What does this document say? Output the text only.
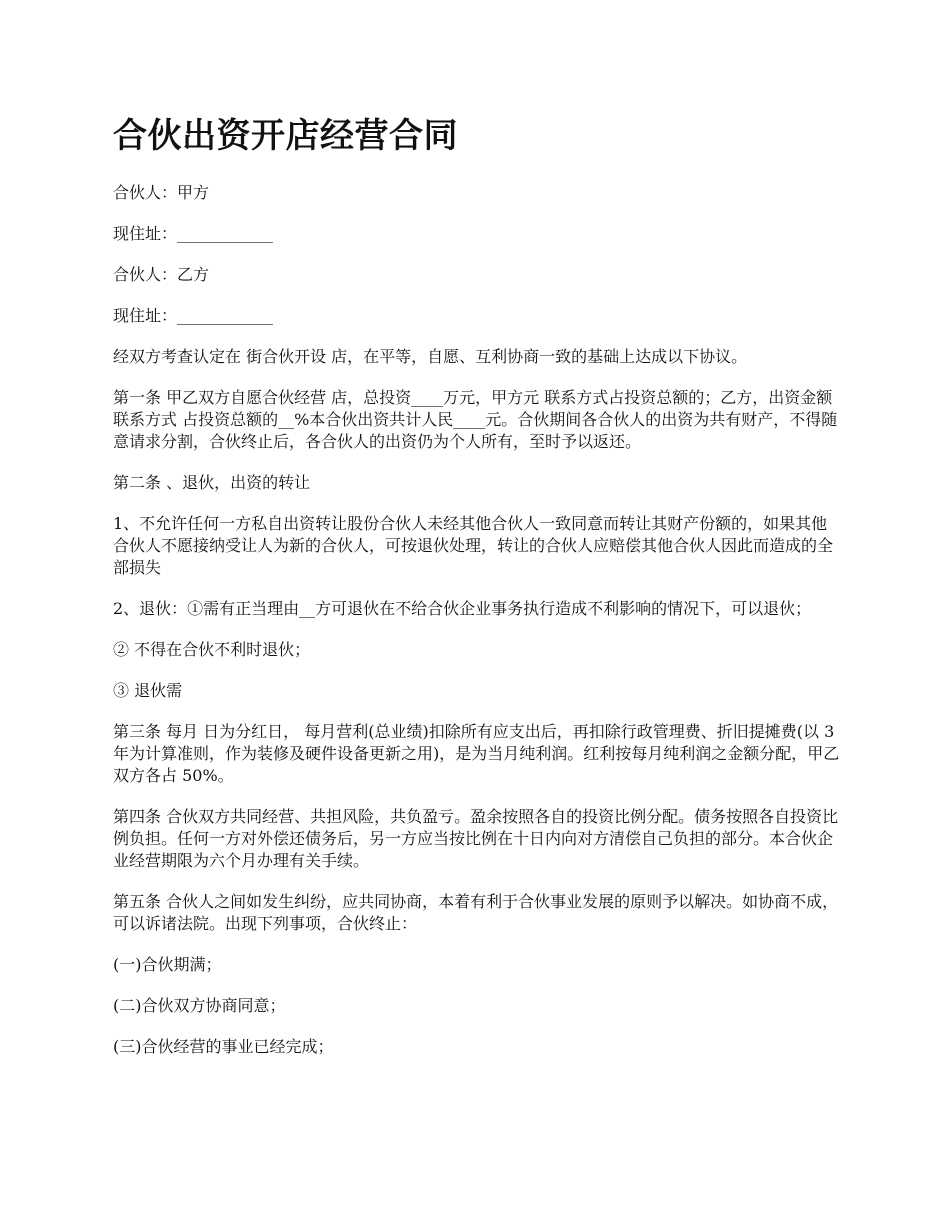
合伙出资开店经营合同

合伙人：甲方

现住址：____________

合伙人：乙方

现住址：____________

经双方考查认定在 街合伙开设 店，在平等，自愿、互利协商一致的基础上达成以下协议。

第一条 甲乙双方自愿合伙经营 店，总投资____万元，甲方元 联系方式占投资总额的；乙方，出资金额 联系方式 占投资总额的__%本合伙出资共计人民____元。合伙期间各合伙人的出资为共有财产，不得随意请求分割，合伙终止后，各合伙人的出资仍为个人所有，至时予以返还。

第二条 、退伙，出资的转让

1、不允许任何一方私自出资转让股份合伙人未经其他合伙人一致同意而转让其财产份额的，如果其他合伙人不愿接纳受让人为新的合伙人，可按退伙处理，转让的合伙人应赔偿其他合伙人因此而造成的全部损失

2、退伙：①需有正当理由__方可退伙在不给合伙企业事务执行造成不利影响的情况下，可以退伙；

② 不得在合伙不利时退伙；

③ 退伙需

第三条 每月 日为分红日， 每月营利(总业绩)扣除所有应支出后，再扣除行政管理费、折旧提摊费(以 3 年为计算准则，作为装修及硬件设备更新之用)，是为当月纯利润。红利按每月纯利润之金额分配，甲乙双方各占 50%。

第四条 合伙双方共同经营、共担风险，共负盈亏。盈余按照各自的投资比例分配。债务按照各自投资比例负担。任何一方对外偿还债务后，另一方应当按比例在十日内向对方清偿自己负担的部分。本合伙企业经营期限为六个月办理有关手续。

第五条 合伙人之间如发生纠纷，应共同协商，本着有利于合伙事业发展的原则予以解决。如协商不成，可以诉诸法院。出现下列事项，合伙终止：

(一)合伙期满；

(二)合伙双方协商同意；

(三)合伙经营的事业已经完成；
